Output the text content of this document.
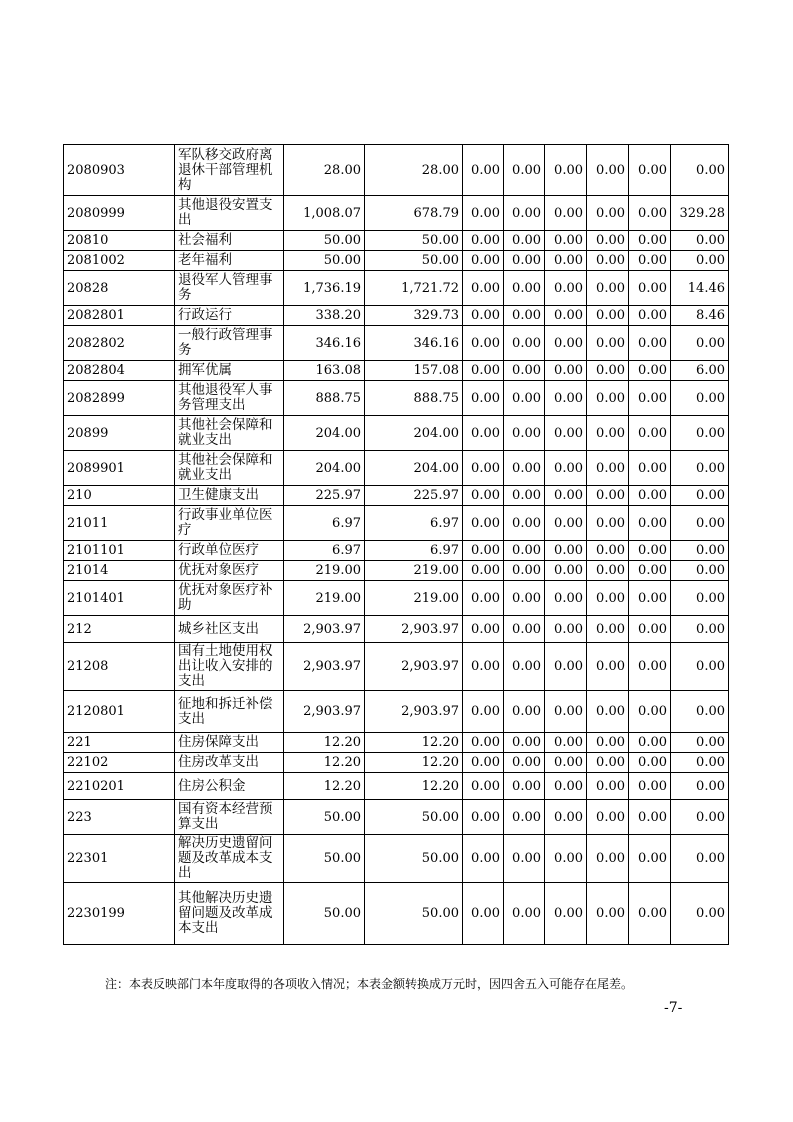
2080903	军队移交政府离退休干部管理机构	28.00	28.00	0.00	0.00	0.00	0.00	0.00	0.00
2080999	其他退役安置支出	1,008.07	678.79	0.00	0.00	0.00	0.00	0.00	329.28
20810	社会福利	50.00	50.00	0.00	0.00	0.00	0.00	0.00	0.00
2081002	老年福利	50.00	50.00	0.00	0.00	0.00	0.00	0.00	0.00
20828	退役军人管理事务	1,736.19	1,721.72	0.00	0.00	0.00	0.00	0.00	14.46
2082801	行政运行	338.20	329.73	0.00	0.00	0.00	0.00	0.00	8.46
2082802	一般行政管理事务	346.16	346.16	0.00	0.00	0.00	0.00	0.00	0.00
2082804	拥军优属	163.08	157.08	0.00	0.00	0.00	0.00	0.00	6.00
2082899	其他退役军人事务管理支出	888.75	888.75	0.00	0.00	0.00	0.00	0.00	0.00
20899	其他社会保障和就业支出	204.00	204.00	0.00	0.00	0.00	0.00	0.00	0.00
2089901	其他社会保障和就业支出	204.00	204.00	0.00	0.00	0.00	0.00	0.00	0.00
210	卫生健康支出	225.97	225.97	0.00	0.00	0.00	0.00	0.00	0.00
21011	行政事业单位医疗	6.97	6.97	0.00	0.00	0.00	0.00	0.00	0.00
2101101	行政单位医疗	6.97	6.97	0.00	0.00	0.00	0.00	0.00	0.00
21014	优抚对象医疗	219.00	219.00	0.00	0.00	0.00	0.00	0.00	0.00
2101401	优抚对象医疗补助	219.00	219.00	0.00	0.00	0.00	0.00	0.00	0.00
212	城乡社区支出	2,903.97	2,903.97	0.00	0.00	0.00	0.00	0.00	0.00
21208	国有土地使用权出让收入安排的支出	2,903.97	2,903.97	0.00	0.00	0.00	0.00	0.00	0.00
2120801	征地和拆迁补偿支出	2,903.97	2,903.97	0.00	0.00	0.00	0.00	0.00	0.00
221	住房保障支出	12.20	12.20	0.00	0.00	0.00	0.00	0.00	0.00
22102	住房改革支出	12.20	12.20	0.00	0.00	0.00	0.00	0.00	0.00
2210201	住房公积金	12.20	12.20	0.00	0.00	0.00	0.00	0.00	0.00
223	国有资本经营预算支出	50.00	50.00	0.00	0.00	0.00	0.00	0.00	0.00
22301	解决历史遗留问题及改革成本支出	50.00	50.00	0.00	0.00	0.00	0.00	0.00	0.00
2230199	其他解决历史遗留问题及改革成本支出	50.00	50.00	0.00	0.00	0.00	0.00	0.00	0.00
注：本表反映部门本年度取得的各项收入情况；本表金额转换成万元时，因四舍五入可能存在尾差。
-7-
